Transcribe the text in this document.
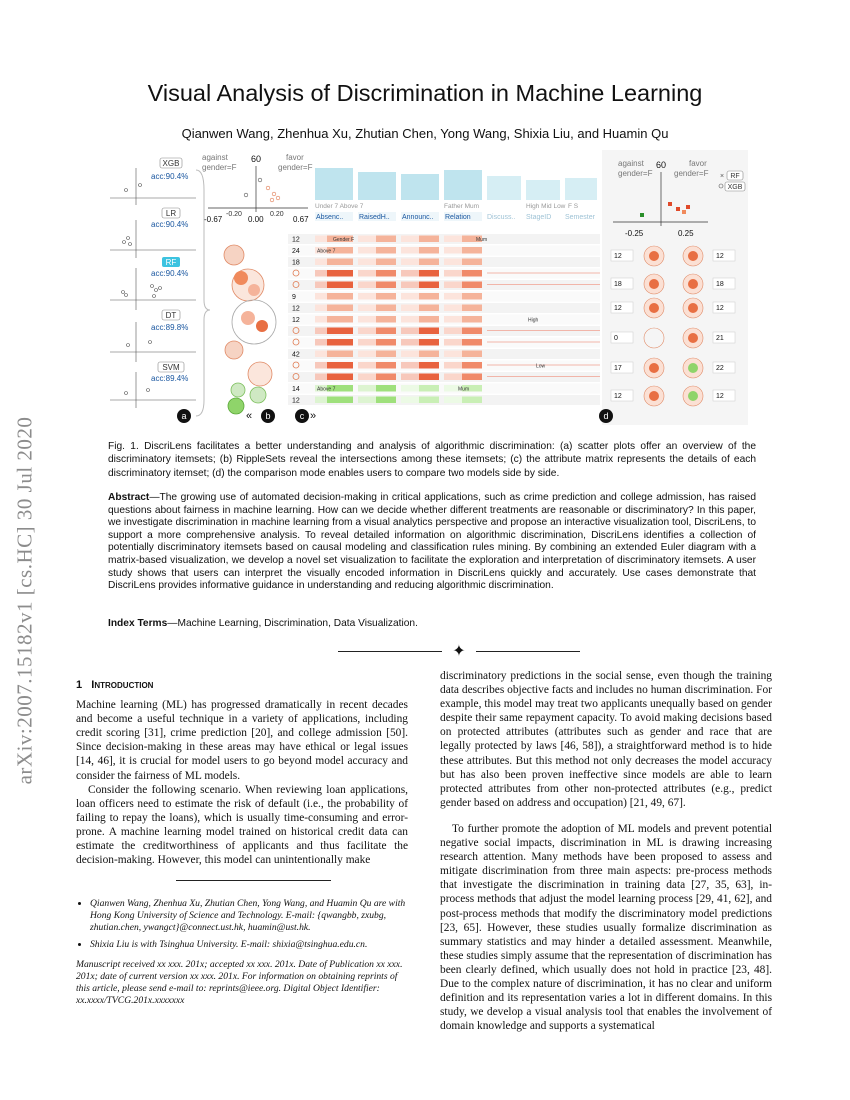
arXiv:2007.15182v1 [cs.HC] 30 Jul 2020
Visual Analysis of Discrimination in Machine Learning
Qianwen Wang, Zhenhua Xu, Zhutian Chen, Yong Wang, Shixia Liu, and Huamin Qu
XGB
acc:90.4%
LR
acc:90.4%
RF
acc:90.4%
DT
acc:89.8%
SVM
acc:89.4%
a
against
gender=F
favor
gender=F
60
-0.20	0.20
-0.67	0.00	0.67
Under 7 Above 7	Father Mum	High Mid Low F S
Absenc.. RaisedH.. Announc.. Relation Discuss.. StageID Semester
« b
12
24
18
9
12
12
42
14
12
Gender F
Above 7
Mum
High
Low
Above 7	Mum
c »
against
gender=F
favor
gender=F
60
× RF
XGB
-0.25	0.25
12	12
18	18
12	12
0	21
17	22
12	12
d
Fig. 1. DiscriLens facilitates a better understanding and analysis of algorithmic discrimination: (a) scatter plots offer an overview of the discriminatory itemsets; (b) RippleSets reveal the intersections among these itemsets; (c) the attribute matrix represents the details of each discriminatory itemset; (d) the comparison mode enables users to compare two models side by side.
Abstract—The growing use of automated decision-making in critical applications, such as crime prediction and college admission, has raised questions about fairness in machine learning. How can we decide whether different treatments are reasonable or discriminatory? In this paper, we investigate discrimination in machine learning from a visual analytics perspective and propose an interactive visualization tool, DiscriLens, to support a more comprehensive analysis. To reveal detailed information on algorithmic discrimination, DiscriLens identifies a collection of potentially discriminatory itemsets based on causal modeling and classification rules mining. By combining an extended Euler diagram with a matrix-based visualization, we develop a novel set visualization to facilitate the exploration and interpretation of discriminatory itemsets. A user study shows that users can interpret the visually encoded information in DiscriLens quickly and accurately. Use cases demonstrate that DiscriLens provides informative guidance in understanding and reducing algorithmic discrimination.
Index Terms—Machine Learning, Discrimination, Data Visualization.
✦
1 Introduction

Machine learning (ML) has progressed dramatically in recent decades and become a useful technique in a variety of applications, including credit scoring [31], crime prediction [20], and college admission [50]. Since decision-making in these areas may have ethical or legal issues [14, 46], it is crucial for model users to go beyond model accuracy and consider the fairness of ML models.

Consider the following scenario. When reviewing loan applications, loan officers need to estimate the risk of default (i.e., the probability of failing to repay the loans), which is usually time-consuming and error-prone. A machine learning model trained on historical credit data can estimate the creditworthiness of applicants and thus facilitate the decision-making. However, this model can unintentionally make

• Qianwen Wang, Zhenhua Xu, Zhutian Chen, Yong Wang, and Huamin Qu are with Hong Kong University of Science and Technology. E-mail: {qwangbb, zxubg, zhutian.chen, ywangct}@connect.ust.hk, huamin@ust.hk.
• Shixia Liu is with Tsinghua University. E-mail: shixia@tsinghua.edu.cn.
Manuscript received xx xxx. 201x; accepted xx xxx. 201x. Date of Publication xx xxx. 201x; date of current version xx xxx. 201x. For information on obtaining reprints of this article, please send e-mail to: reprints@ieee.org. Digital Object Identifier: xx.xxxx/TVCG.201x.xxxxxxx

discriminatory predictions in the social sense, even though the training data describes objective facts and includes no human discrimination. For example, this model may treat two applicants unequally based on gender despite their same repayment capacity. To avoid making decisions based on protected attributes (attributes such as gender and race that are legally protected by laws [46, 58]), a straightforward method is to hide these attributes. But this method not only decreases the model accuracy but has also been proven ineffective since models are able to learn protected attributes from other non-protected attributes (e.g., predict gender based on address and occupation) [21, 49, 67].

To further promote the adoption of ML models and prevent potential negative social impacts, discrimination in ML is drawing increasing research attention. Many methods have been proposed to assess and mitigate discrimination from three main aspects: pre-process methods that investigate the discrimination in training data [27, 35, 63], in-process methods that adjust the model learning process [29, 41, 62], and post-process methods that modify the discriminatory model predictions [23, 65]. However, these studies usually formalize discrimination as summary statistics and may hinder a detailed assessment. Meanwhile, these studies simply assume that the representation of discrimination has been clearly defined, which usually does not hold in practice [23, 48]. Due to the complex nature of discrimination, it has no clear and uniform definition and its representation varies a lot in different domains. In this study, we develop a visual analysis tool that enables the involvement of domain knowledge and supports a systematical
